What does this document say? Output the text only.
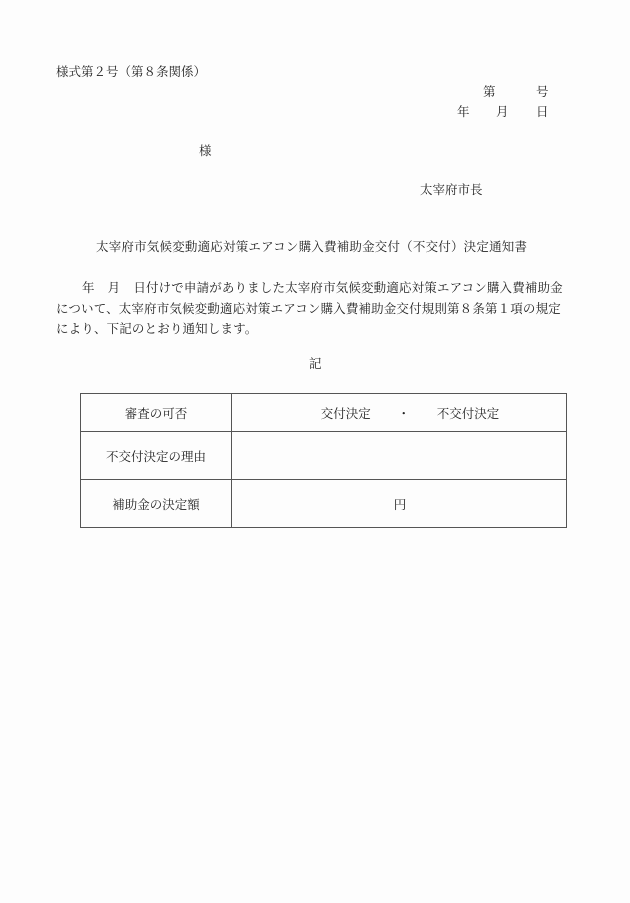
様式第２号（第８条関係）
第	号
年 月 日
様
太宰府市長
太宰府市気候変動適応対策エアコン購入費補助金交付（不交付）決定通知書
年 月 日付けで申請がありました太宰府市気候変動適応対策エアコン購入費補助金
について、太宰府市気候変動適応対策エアコン購入費補助金交付規則第８条第１項の規定
により、下記のとおり通知します。
記
審査の可否	交付決定 ・ 不交付決定

不交付決定の理由	
補助金の決定額	円
